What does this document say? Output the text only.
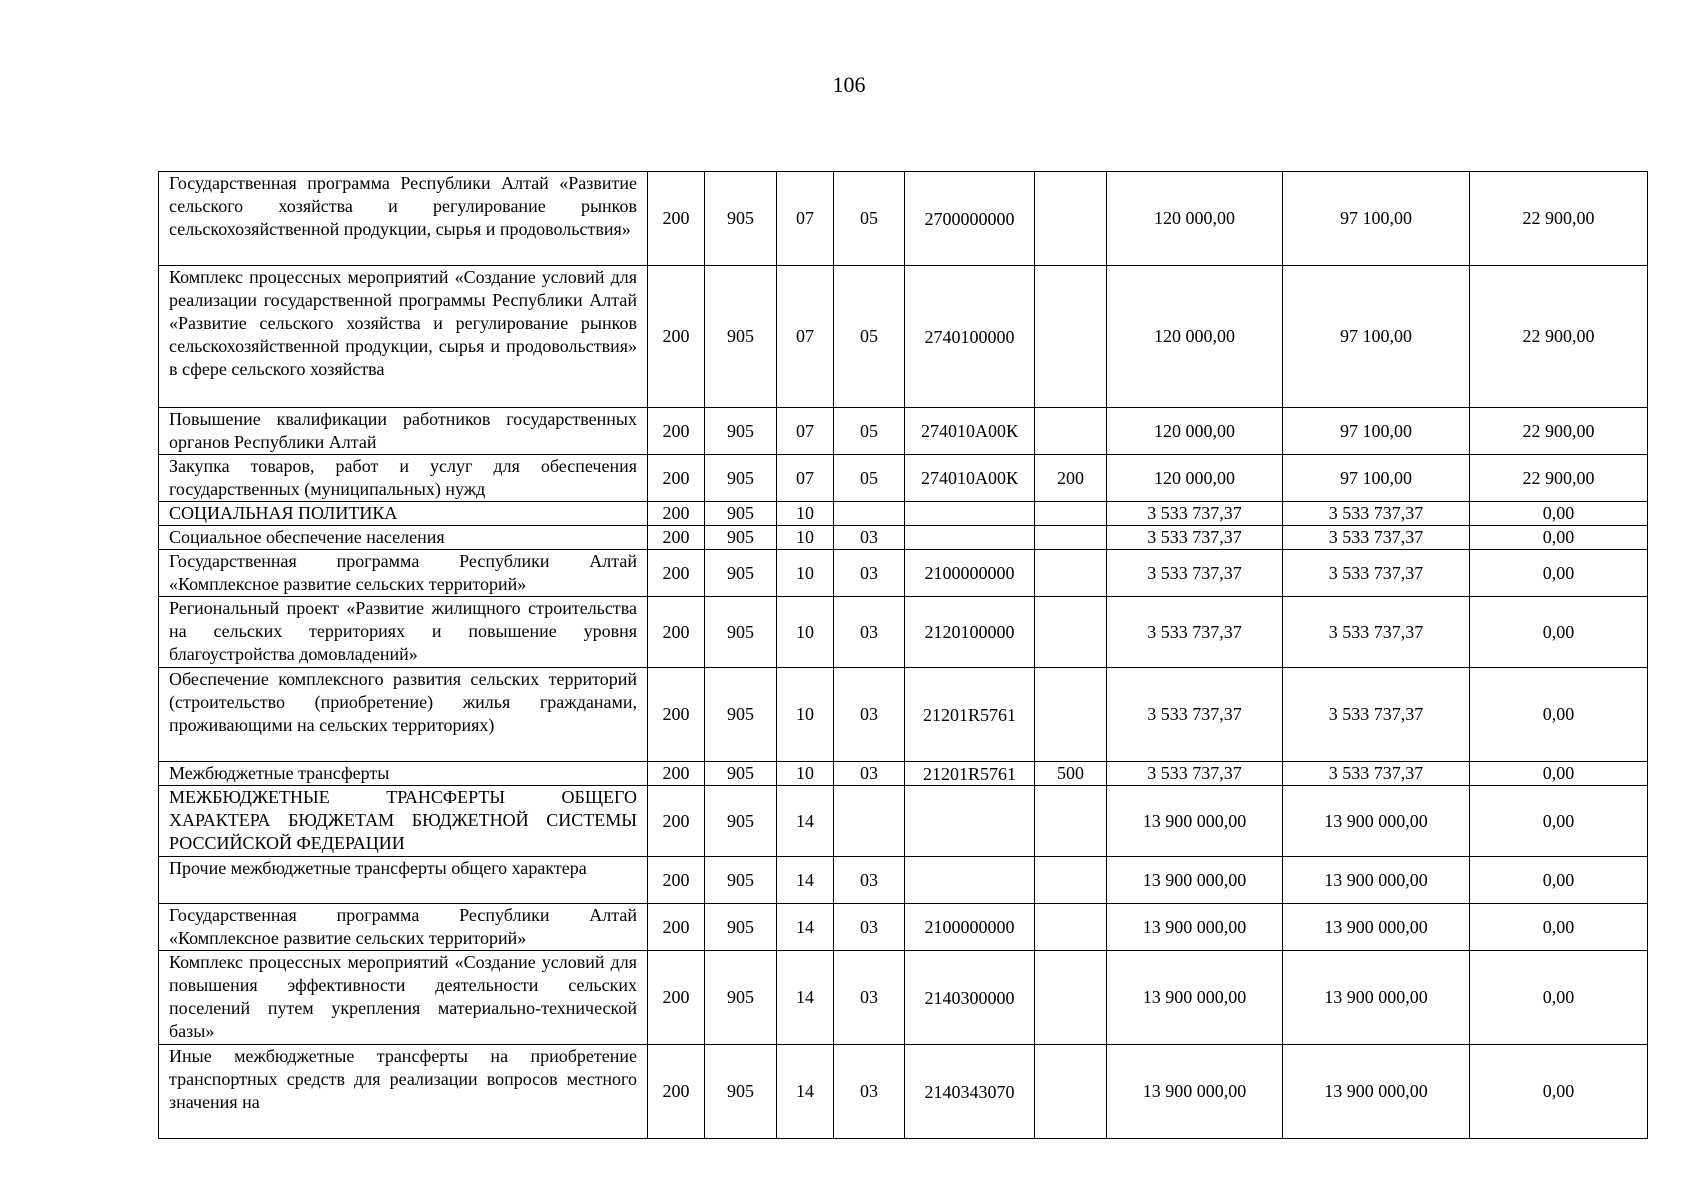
106
Государственная программа Республики Алтай «Развитие сельского хозяйства и регулирование рынков сельскохозяйственной продукции, сырья и продовольствия»	200	905	07	05	2700000000		120 000,00	97 100,00	22 900,00
Комплекс процессных мероприятий «Создание условий для реализации государственной программы Республики Алтай «Развитие сельского хозяйства и регулирование рынков сельскохозяйственной продукции, сырья и продовольствия» в сфере сельского хозяйства	200	905	07	05	2740100000		120 000,00	97 100,00	22 900,00
Повышение квалификации работников государственных органов Республики Алтай	200	905	07	05	274010А00К		120 000,00	97 100,00	22 900,00
Закупка товаров, работ и услуг для обеспечения государственных (муниципальных) нужд	200	905	07	05	274010А00К	200	120 000,00	97 100,00	22 900,00
СОЦИАЛЬНАЯ ПОЛИТИКА	200	905	10				3 533 737,37	3 533 737,37	0,00
Социальное обеспечение населения	200	905	10	03			3 533 737,37	3 533 737,37	0,00
Государственная программа Республики Алтай «Комплексное развитие сельских территорий»	200	905	10	03	2100000000		3 533 737,37	3 533 737,37	0,00
Региональный проект «Развитие жилищного строительства на сельских территориях и повышение уровня благоустройства домовладений»	200	905	10	03	2120100000		3 533 737,37	3 533 737,37	0,00
Обеспечение комплексного развития сельских территорий (строительство (приобретение) жилья гражданами, проживающими на сельских территориях)	200	905	10	03	21201R5761		3 533 737,37	3 533 737,37	0,00
Межбюджетные трансферты	200	905	10	03	21201R5761	500	3 533 737,37	3 533 737,37	0,00
МЕЖБЮДЖЕТНЫЕ ТРАНСФЕРТЫ ОБЩЕГО ХАРАКТЕРА БЮДЖЕТАМ БЮДЖЕТНОЙ СИСТЕМЫ РОССИЙСКОЙ ФЕДЕРАЦИИ	200	905	14				13 900 000,00	13 900 000,00	0,00
Прочие межбюджетные трансферты общего характера	200	905	14	03			13 900 000,00	13 900 000,00	0,00
Государственная программа Республики Алтай «Комплексное развитие сельских территорий»	200	905	14	03	2100000000		13 900 000,00	13 900 000,00	0,00
Комплекс процессных мероприятий «Создание условий для повышения эффективности деятельности сельских поселений путем укрепления материально-технической базы»	200	905	14	03	2140300000		13 900 000,00	13 900 000,00	0,00
Иные межбюджетные трансферты на приобретение транспортных средств для реализации вопросов местного значения на	200	905	14	03	2140343070		13 900 000,00	13 900 000,00	0,00
